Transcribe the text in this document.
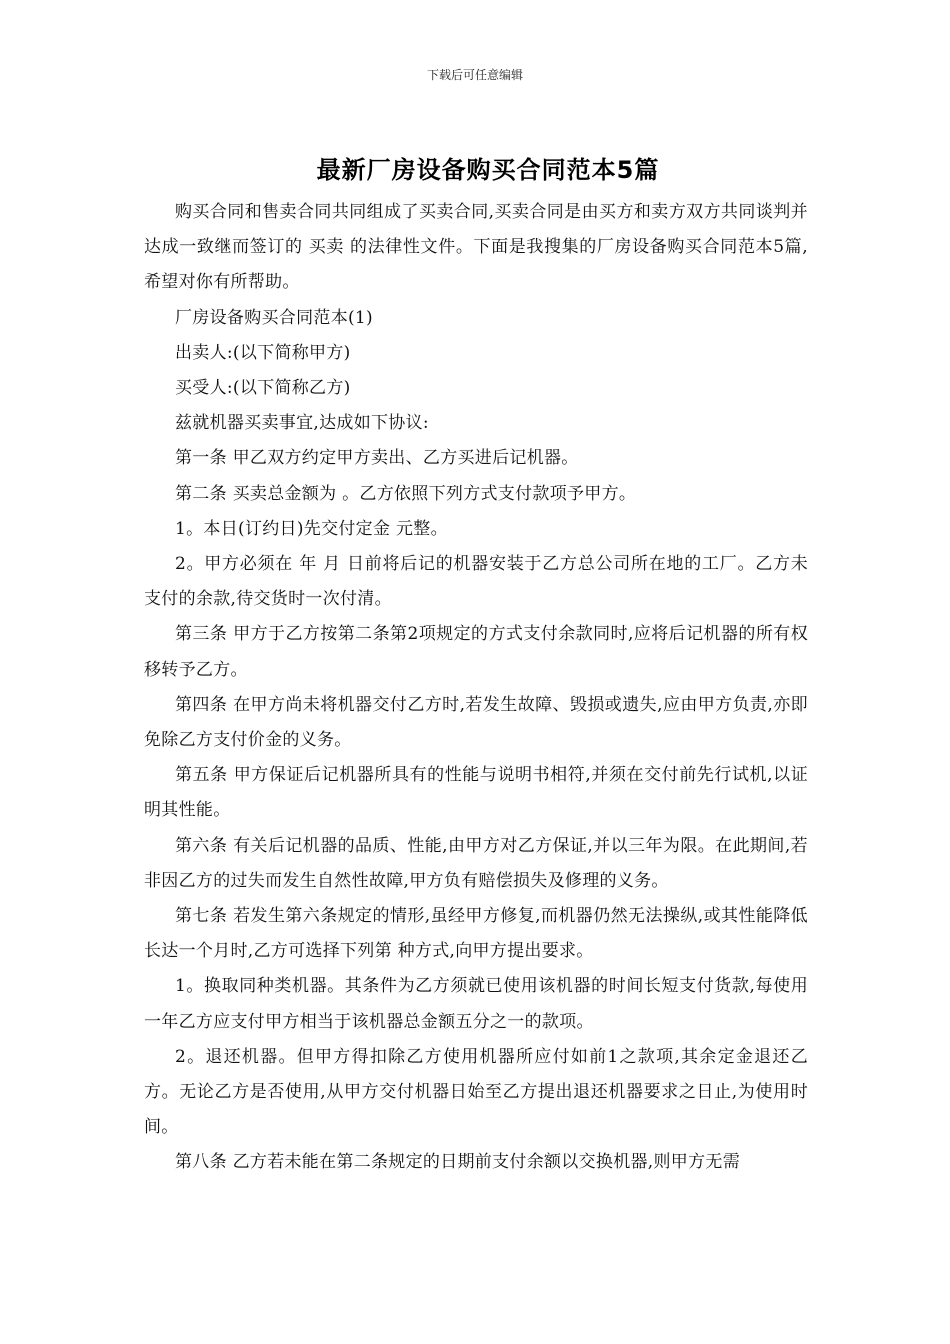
下载后可任意编辑
最新厂房设备购买合同范本5篇

购买合同和售卖合同共同组成了买卖合同,买卖合同是由买方和卖方双方共同谈判并达成一致继而签订的 买卖 的法律性文件。下面是我搜集的厂房设备购买合同范本5篇,希望对你有所帮助。

厂房设备购买合同范本(1)

出卖人:(以下简称甲方)

买受人:(以下简称乙方)

兹就机器买卖事宜,达成如下协议:

第一条 甲乙双方约定甲方卖出、乙方买进后记机器。

第二条 买卖总金额为 。乙方依照下列方式支付款项予甲方。

1。本日(订约日)先交付定金 元整。

2。甲方必须在 年 月 日前将后记的机器安装于乙方总公司所在地的工厂。乙方未支付的余款,待交货时一次付清。

第三条 甲方于乙方按第二条第2项规定的方式支付余款同时,应将后记机器的所有权移转予乙方。

第四条 在甲方尚未将机器交付乙方时,若发生故障、毁损或遗失,应由甲方负责,亦即免除乙方支付价金的义务。

第五条 甲方保证后记机器所具有的性能与说明书相符,并须在交付前先行试机,以证明其性能。

第六条 有关后记机器的品质、性能,由甲方对乙方保证,并以三年为限。在此期间,若非因乙方的过失而发生自然性故障,甲方负有赔偿损失及修理的义务。

第七条 若发生第六条规定的情形,虽经甲方修复,而机器仍然无法操纵,或其性能降低长达一个月时,乙方可选择下列第 种方式,向甲方提出要求。

1。换取同种类机器。其条件为乙方须就已使用该机器的时间长短支付货款,每使用一年乙方应支付甲方相当于该机器总金额五分之一的款项。

2。退还机器。但甲方得扣除乙方使用机器所应付如前1之款项,其余定金退还乙方。无论乙方是否使用,从甲方交付机器日始至乙方提出退还机器要求之日止,为使用时间。

第八条 乙方若未能在第二条规定的日期前支付余额以交换机器,则甲方无需
